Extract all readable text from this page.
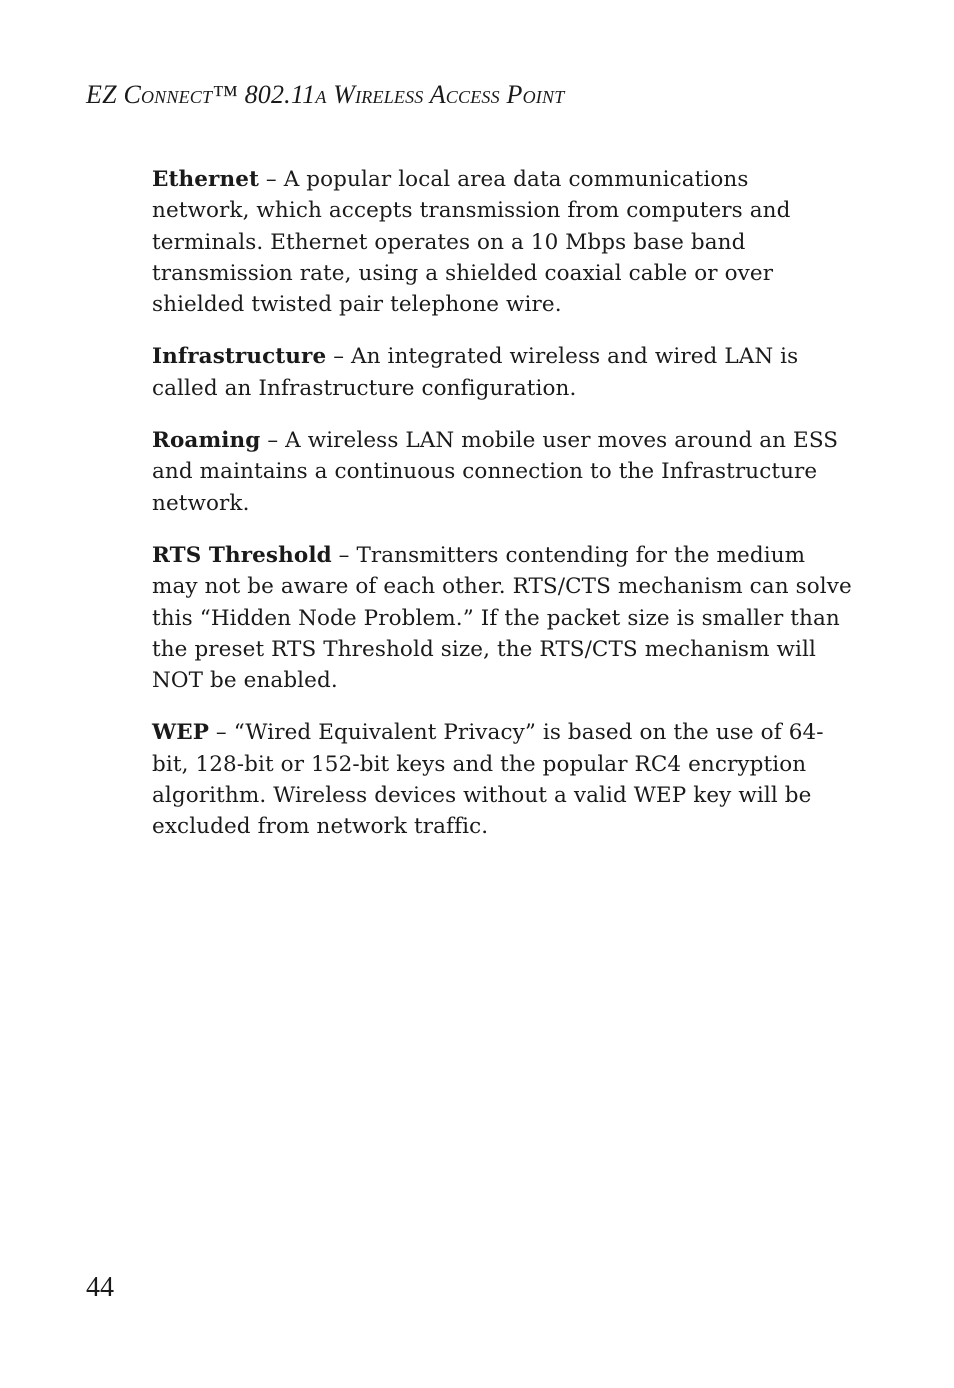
EZ Connect™ 802.11a Wireless Access Point

Ethernet – A popular local area data communications network, which accepts transmission from computers and terminals. Ethernet operates on a 10 Mbps base band transmission rate, using a shielded coaxial cable or over shielded twisted pair telephone wire.

Infrastructure – An integrated wireless and wired LAN is called an Infrastructure configuration.

Roaming – A wireless LAN mobile user moves around an ESS and maintains a continuous connection to the Infrastructure network.

RTS Threshold – Transmitters contending for the medium may not be aware of each other. RTS/CTS mechanism can solve this “Hidden Node Problem.” If the packet size is smaller than the preset RTS Threshold size, the RTS/CTS mechanism will NOT be enabled.

WEP – “Wired Equivalent Privacy” is based on the use of 64-bit, 128-bit or 152-bit keys and the popular RC4 encryption algorithm. Wireless devices without a valid WEP key will be excluded from network traffic.

44
